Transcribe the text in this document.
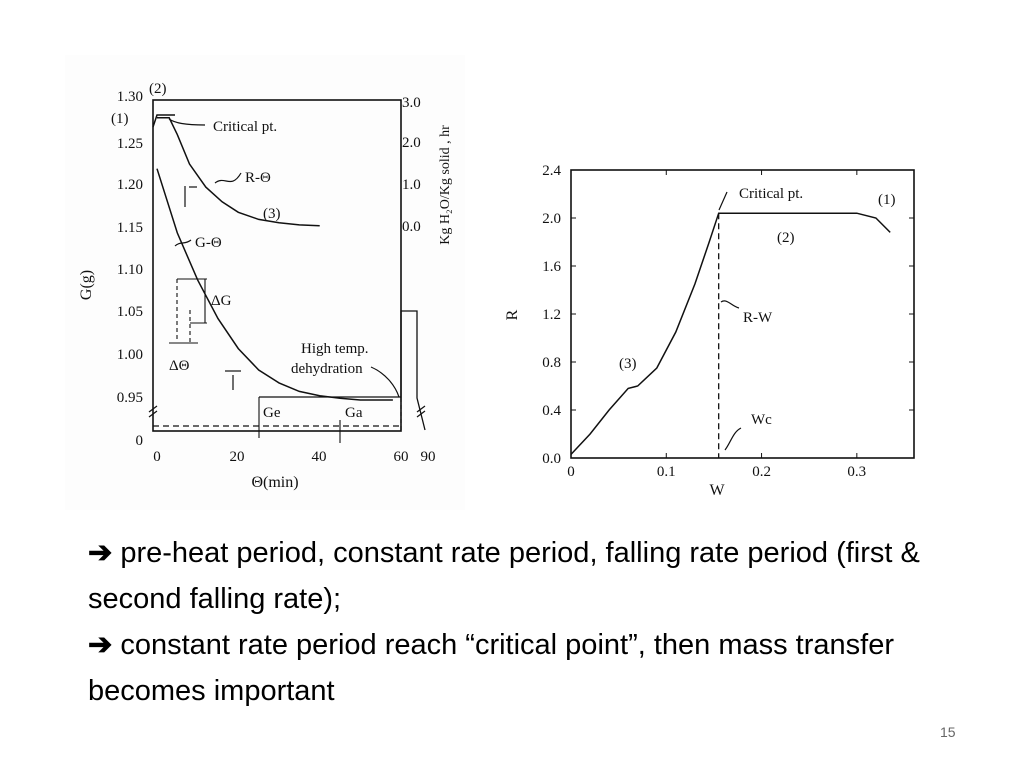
1.30
1.25
1.20
1.15
1.10
1.05
1.00
0.95
0
3.0
2.0
1.0
0.0
0	20	40	60 90
Θ(min)
G(g)
Kg H₂O/Kg solid , hr
(2)
(1)	Critical pt.
R-Θ
(3)
G-Θ
ΔG
ΔΘ
High temp.
dehydration
Ge	Ga
0.0
0.4
0.8
1.2
1.6
2.0
2.4
0	0.1	0.2	0.3
W
R
Critical pt.	(1)
(2)
(3)
R-W
Wc
➔ pre-heat period, constant rate period, falling rate period (first & second falling rate);
➔ constant rate period reach “critical point”, then mass transfer becomes important
15
